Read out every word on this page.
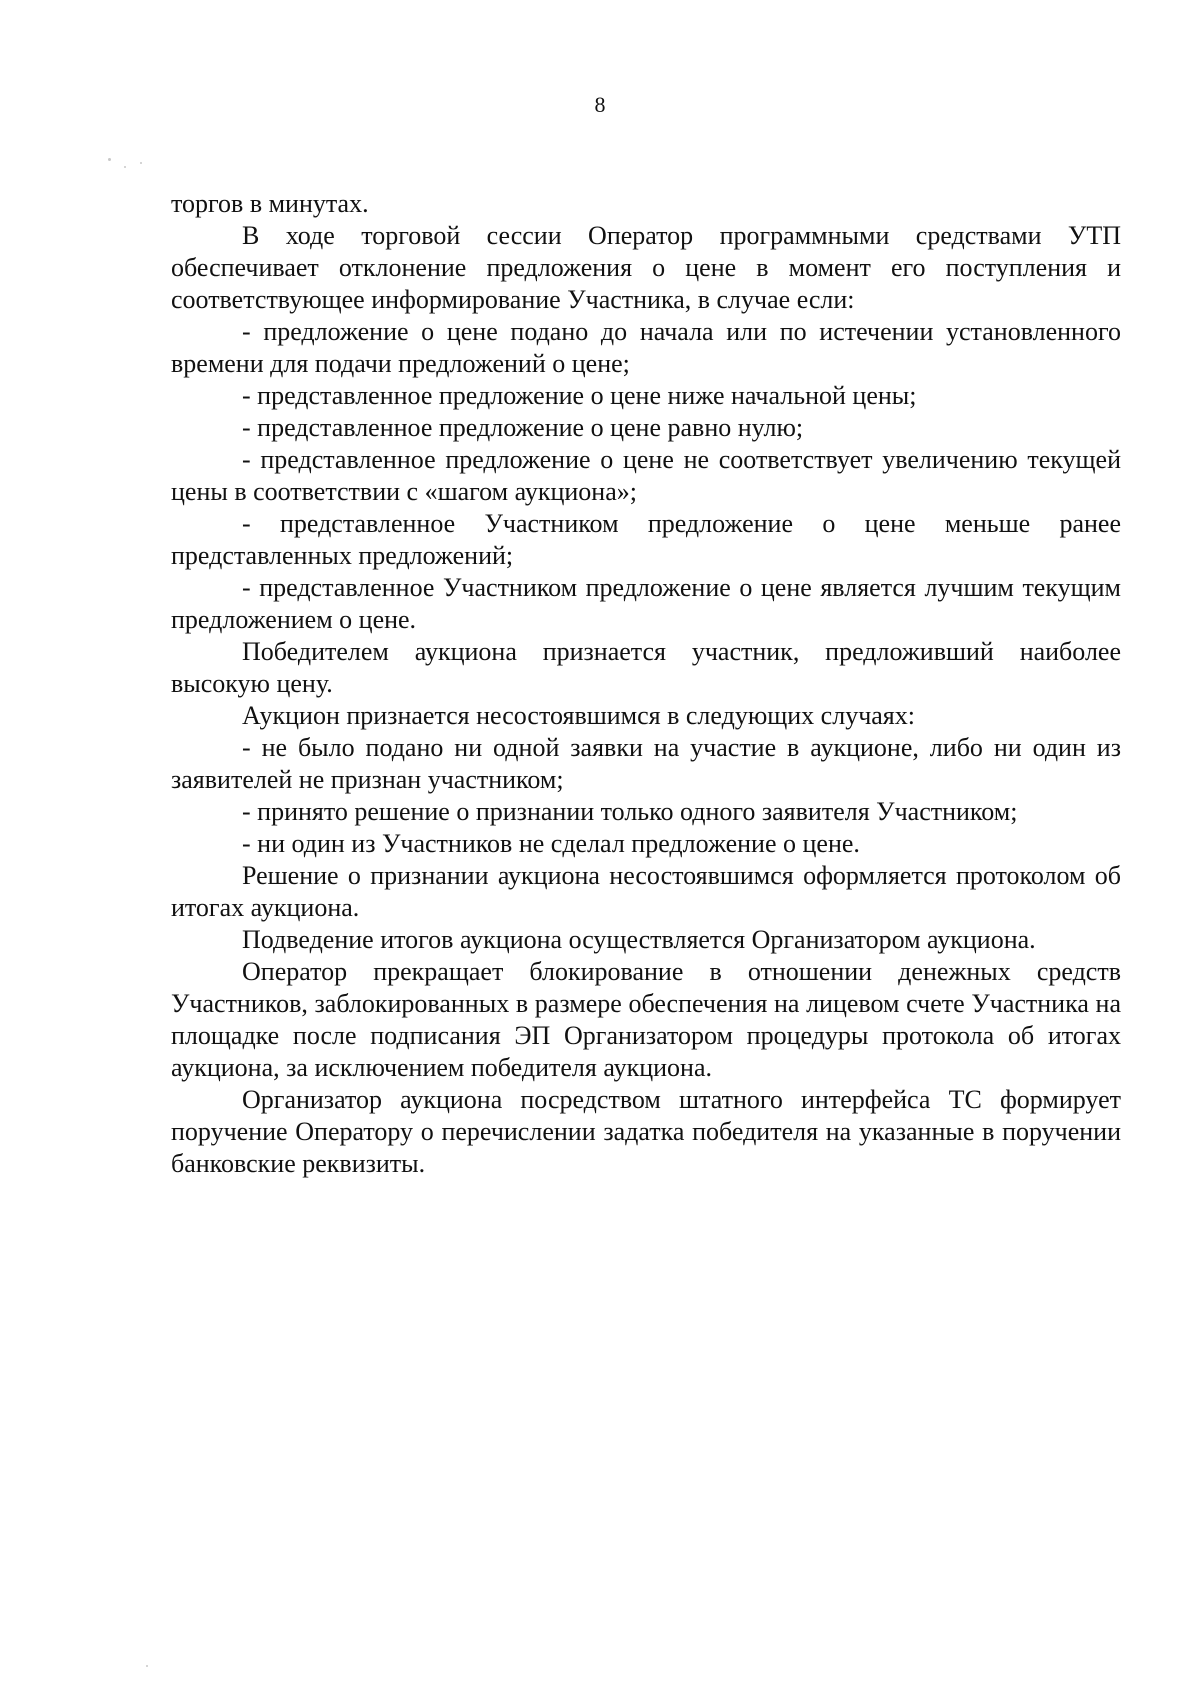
8

торгов в минутах.

В ходе торговой сессии Оператор программными средствами УТП обеспечивает отклонение предложения о цене в момент его поступления и соответствующее информирование Участника, в случае если:

- предложение о цене подано до начала или по истечении установленного времени для подачи предложений о цене;

- представленное предложение о цене ниже начальной цены;

- представленное предложение о цене равно нулю;

- представленное предложение о цене не соответствует увеличению текущей цены в соответствии с «шагом аукциона»;

- представленное Участником предложение о цене меньше ранее представленных предложений;

- представленное Участником предложение о цене является лучшим текущим предложением о цене.

Победителем аукциона признается участник, предложивший наиболее высокую цену.

Аукцион признается несостоявшимся в следующих случаях:

- не было подано ни одной заявки на участие в аукционе, либо ни один из заявителей не признан участником;

- принято решение о признании только одного заявителя Участником;

- ни один из Участников не сделал предложение о цене.

Решение о признании аукциона несостоявшимся оформляется протоколом об итогах аукциона.

Подведение итогов аукциона осуществляется Организатором аукциона.

Оператор прекращает блокирование в отношении денежных средств Участников, заблокированных в размере обеспечения на лицевом счете Участника на площадке после подписания ЭП Организатором процедуры протокола об итогах аукциона, за исключением победителя аукциона.

Организатор аукциона посредством штатного интерфейса ТС формирует поручение Оператору о перечислении задатка победителя на указанные в поручении банковские реквизиты.
